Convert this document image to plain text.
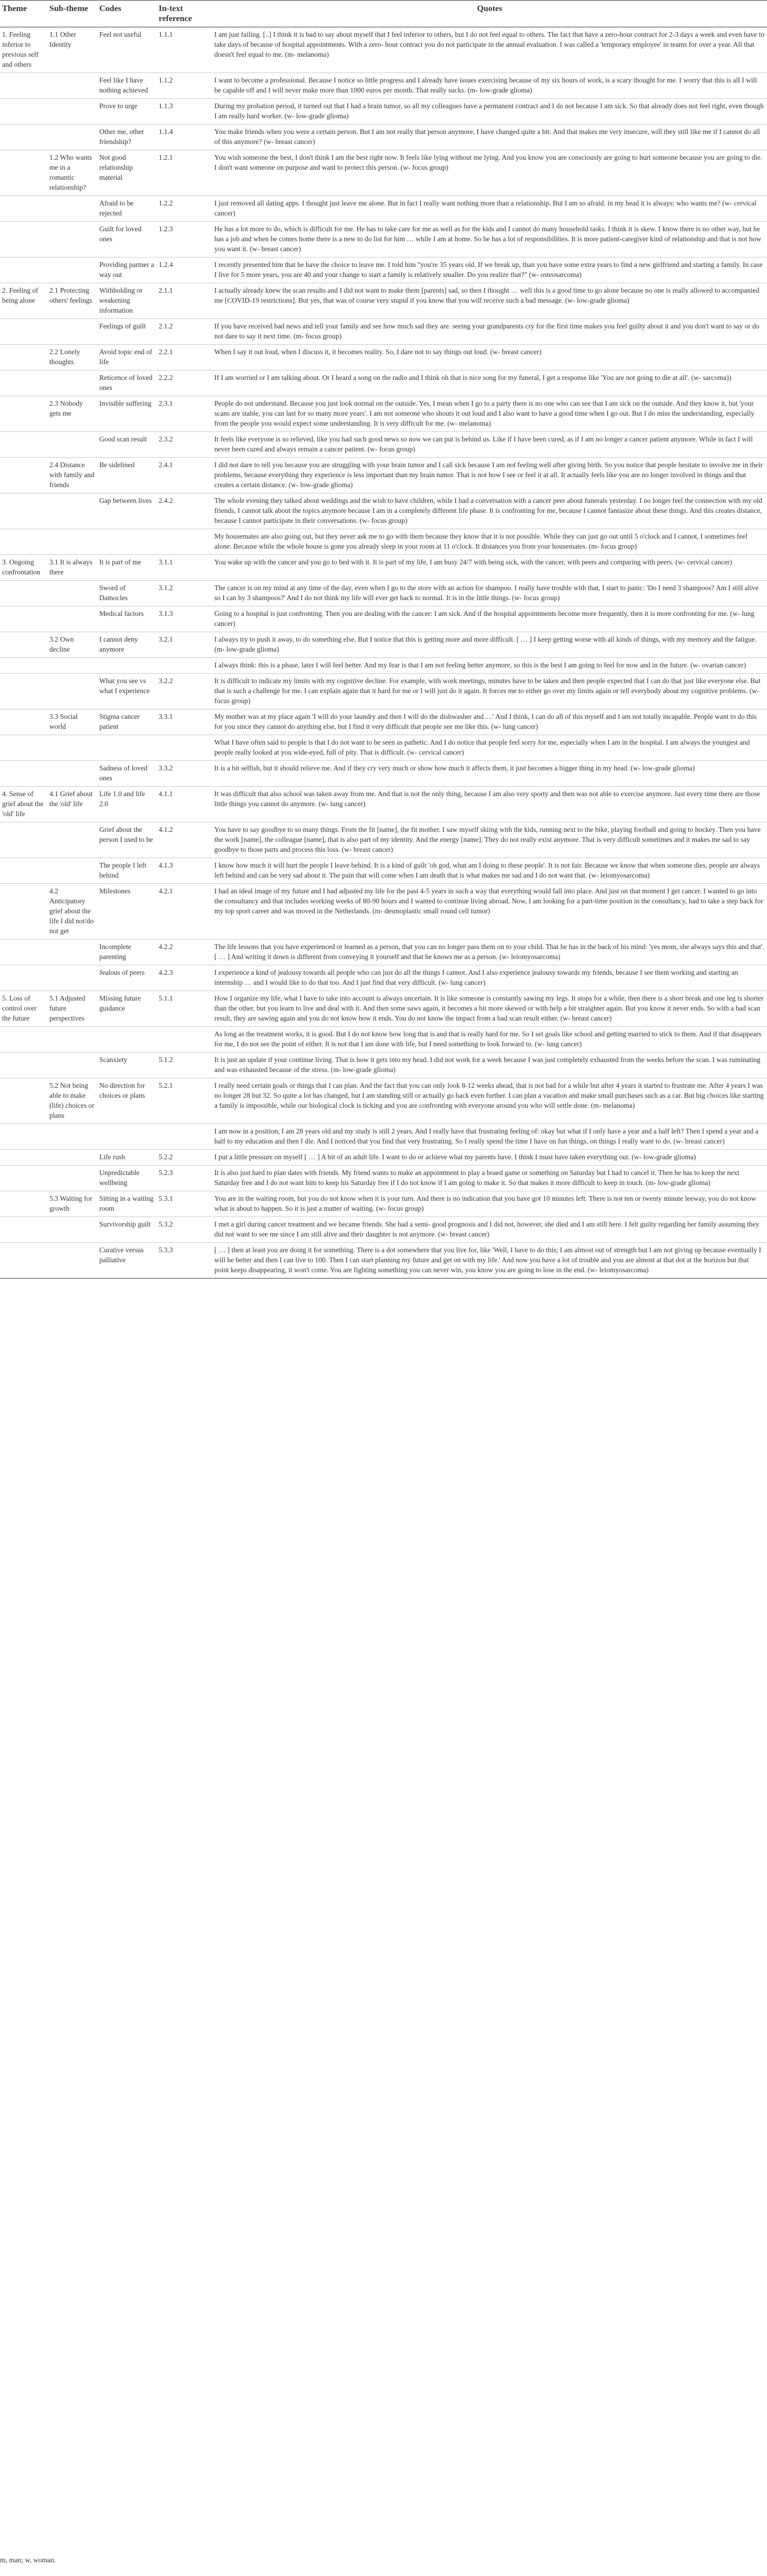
Theme	Sub-theme	Codes	In-text reference	Quotes
1. Feeling inferior to previous self and others	1.1 Other Identity	Feel not useful	1.1.1	I am just failing. [..] I think it is bad to say about myself that I feel inferior to others, but I do not feel equal to others. The fact that have a zero-hour contract for 2-3 days a week and even have to take days of because of hospital appointments. With a zero- hour contract you do not participate in the annual evaluation. I was called a 'temporary employee' in teams for over a year. All that doesn't feel equal to me. (m- melanoma)
		Feel like I have nothing achieved	1.1.2	I want to become a professional. Because I notice so little progress and I already have issues exercising because of my six hours of work, is a scary thought for me. I worry that this is all I will be capable off and I will never make more than 1000 euros per month. That really sucks. (m- low-grade glioma)
		Prove to urge	1.1.3	During my probation period, it turned out that I had a brain tumor, so all my colleagues have a permanent contract and I do not because I am sick. So that already does not feel right, even though I am really hard worker. (w- low-grade glioma)
		Other me, other friendship?	1.1.4	You make friends when you were a certain person. But I am not really that person anymore, I have changed quite a bit. And that makes me very insecure, will they still like me if I cannot do all of this anymore? (w- breast cancer)
	1.2 Who wants me in a romantic relationship?	Not good relationship material	1.2.1	You wish someone the best, I don't think I am the best right now. It feels like lying without me lying. And you know you are consciously are going to hurt someone because you are going to die. I don't want someone on purpose and want to protect this person. (w- focus group)
		Afraid to be rejected	1.2.2	I just removed all dating apps. I thought just leave me alone. But in fact I really want nothing more than a relationship. But I am so afraid. in my head it is always: who wants me? (w- cervical cancer)
		Guilt for loved ones	1.2.3	He has a lot more to do, which is difficult for me. He has to take care for me as well as for the kids and I cannot do many household tasks. I think it is skew. I know there is no other way, but he has a job and when he comes home there is a new to do list for him … while I am at home. So he has a lot of responsibilities. It is more patient-caregiver kind of relationship and that is not how you want it. (w- breast cancer)
		Providing partner a way out	1.2.4	I recently presented him that he have the choice to leave me. I told him "you're 35 years old. If we break up, than you have some extra years to find a new girlfriend and starting a family. In case I live for 5 more years, you are 40 and your change to start a family is relatively smaller. Do you realize that?" (w- osteosarcoma)
2. Feeling of being alone	2.1 Protecting others' feelings	Withholding or weakening information	2.1.1	I actually already knew the scan results and I did not want to make them [parents] sad, so then I thought … well this is a good time to go alone because no one is really allowed to accompanied me [COVID-19 restrictions]. But yes, that was of course very stupid if you know that you will receive such a bad message. (w- low-grade glioma)
		Feelings of guilt	2.1.2	If you have received bad news and tell your family and see how much sad they are. seeing your grandparents cry for the first time makes you feel guilty about it and you don't want to say or do not dare to say it next time. (m- focus group)
	2.2 Lonely thoughts	Avoid topic end of life	2.2.1	When I say it out loud, when I discuss it, it becomes reality. So, I dare not to say things out loud. (w- breast cancer)
		Reticence of loved ones	2.2.2	If I am worried or I am talking about. Or I heard a song on the radio and I think oh that is nice song for my funeral, I get a response like 'You are not going to die at all'. (w- sarcoma))
	2.3 Nobody gets me	Invisible suffering	2.3.1	People do not understand. Because you just look normal on the outside. Yes, I mean when I go to a party there is no one who can see that I am sick on the outside. And they know it, but 'your scans are stable, you can last for so many more years'. I am not someone who shouts it out loud and I also want to have a good time when I go out. But I do miss the understanding, especially from the people you would expect some understanding. It is very difficult for me. (w- melanoma)
		Good scan result	2.3.2	It feels like everyone is so relieved, like you had such good news so now we can put is behind us. Like if I have been cured, as if I am no longer a cancer patient anymore. While in fact I will never been cured and always remain a cancer patient. (w- focus group)
	2.4 Distance with family and friends	Be sidelined	2.4.1	I did not dare to tell you because you are struggling with your brain tumor and I call sick because I am not feeling well after giving birth. So you notice that people hesitate to involve me in their problems, because everything they experience is less important than my brain tumor. That is not how I see or feel it at all. It actually feels like you are no longer involved in things and that creates a certain distance. (w- low-grade glioma)
		Gap between lives	2.4.2	The whole evening they talked about weddings and the wish to have children, while I had a conversation with a cancer peer about funerals yesterday. I no longer feel the connection with my old friends, I cannot talk about the topics anymore because I am in a completely different life phase. It is confronting for me, because I cannot fantasize about these things. And this creates distance, because I cannot participate in their conversations. (w- focus group)
				My housemates are also going out, but they never ask me to go with them because they know that it is not possible. While they can just go out until 5 o'clock and I cannot, I sometimes feel alone. Because while the whole house is gone you already sleep in your room at 11 o'clock. It distances you from your housemates. (m- focus group)
3. Ongoing confrontation	3.1 It is always there	It is part of me	3.1.1	You wake up with the cancer and you go to bed with it. It is part of my life, I am busy 24/7 with being sick, with the cancer, with peers and comparing with peers. (w- cervical cancer)
		Sword of Damocles	3.1.2	The cancer is on my mind at any time of the day, even when I go to the store with an action for shampoo. I really have trouble with that, I start to panic: 'Do I need 3 shampoos? Am I still alive so I can by 3 shampoos?' And I do not think my life will ever get back to normal. It is in the little things. (w- focus group)
		Medical factors	3.1.3	Going to a hospital is just confronting. Then you are dealing with the cancer: I am sick. And if the hospital appointments become more frequently, then it is more confronting for me. (w- lung cancer)
	3.2 Own decline	I cannot deny anymore	3.2.1	I always try to push it away, to do something else. But I notice that this is getting more and more difficult. [ … ] I keep getting worse with all kinds of things, with my memory and the fatigue. (m- low-grade glioma)
				I always think: this is a phase, later I will feel better. And my fear is that I am not feeling better anymore, so this is the best I am going to feel for now and in the future. (w- ovarian cancer)
		What you see vs what I experience	3.2.2	It is difficult to indicate my limits with my cognitive decline. For example, with work meetings, minutes have to be taken and then people expected that I can do that just like everyone else. But that is such a challenge for me. I can explain again that it hard for me or I will just do it again. It forces me to either go over my limits again or tell everybody about my cognitive problems. (w- focus group)
	3.3 Social world	Stigma cancer patient	3.3.1	My mother was at my place again 'I will do your laundry and then I will do the dishwasher and….' And I think, I can do all of this myself and I am not totally incapable. People want to do this for you since they cannot do anything else, but I find it very difficult that people see me like this. (w- lung cancer)
				What I have often said to people is that I do not want to be seen as pathetic. And I do notice that people feel sorry for me, especially when I am in the hospital. I am always the youngest and people really looked at you wide-eyed, full of pity. That is difficult. (w- cervical cancer)
		Sadness of loved ones	3.3.2	It is a bit selfish, but it should relieve me. And if they cry very much or show how much it affects them, it just becomes a bigger thing in my head. (w- low-grade glioma)
4. Sense of grief about the 'old' life	4.1 Grief about the 'old' life	Life 1.0 and life 2.0	4.1.1	It was difficult that also school was taken away from me. And that is not the only thing, because I am also very sporty and then was not able to exercise anymore. Just every time there are those little things you cannot do anymore. (w- lung cancer)
		Grief about the person I used to be	4.1.2	You have to say goodbye to so many things. From the fit [name], the fit mother. I saw myself skiing with the kids, running next to the bike, playing football and going to hockey. Then you have the work [name], the colleague [name], that is also part of my identity. And the energy [name]. They do not really exist anymore. That is very difficult sometimes and it makes me sad to say goodbye to those parts and process this loss. (w- breast cancer)
		The people I left behind	4.1.3	I know how much it will hurt the people I leave behind. It is a kind of guilt 'oh god, what am I doing to these people'. It is not fair. Because we know that when someone dies, people are always left behind and can be very sad about it. The pain that will come when I am death that is what makes me sad and I do not want that. (w- leiomyosarcoma)
	4.2 Anticipatory grief about the life I did not/do not get	Milestones	4.2.1	I had an ideal image of my future and I had adjusted my life for the past 4-5 years in such a way that everything would fall into place. And just on that moment I get cancer. I wanted to go into the consultancy and that includes working weeks of 80-90 hours and I wanted to continue living abroad. Now, I am looking for a part-time position in the consultancy, had to take a step back for my top sport career and was moved in the Netherlands. (m- desmoplastic small round cell tumor)
		Incomplete parenting	4.2.2	The life lessons that you have experienced or learned as a person, that you can no longer pass them on to your child. That he has in the back of his mind: 'yes mom, she always says this and that'. [ … ] And writing it down is different from conveying it yourself and that he knows me as a person. (w- leiomyosarcoma)
		Jealous of peers	4.2.3	I experience a kind of jealousy towards all people who can just do all the things I cannot. And I also experience jealousy towards my friends, because I see them working and starting an internship … and I would like to do that too. And I just find that very difficult. (w- lung cancer)
5. Loss of control over the future	5.1 Adjusted future perspectives	Missing future guidance	5.1.1	How I organize my life, what I have to take into account is always uncertain. It is like someone is constantly sawing my legs. It stops for a while, then there is a short break and one leg is shorter than the other, but you learn to live and deal with it. And then some saws again, it becomes a bit more skewed or with help a bit straighter again. But you know it never ends. So with a bad scan result, they are sawing again and you do not know how it ends. You do not know the impact from a bad scan result either. (w- breast cancer)
				As long as the treatment works, it is good. But I do not know how long that is and that is really hard for me. So I set goals like school and getting married to stick to them. And if that disappears for me, I do not see the point of either. It is not that I am done with life, but I need something to look forward to. (w- lung cancer)
		Scanxiety	5.1.2	It is just an update if your continue living. That is how it gets into my head. I did not work for a week because I was just completely exhausted from the weeks before the scan. I was ruminating and was exhausted because of the stress. (m- low-grade glioma)
	5.2 Not being able to make (life) choices or plans	No direction for choices or plans	5.2.1	I really need certain goals or things that I can plan. And the fact that you can only look 8-12 weeks ahead, that is not bad for a while but after 4 years it started to frustrate me. After 4 years I was no longer 28 but 32. So quite a lot has changed, but I am standing still or actually go back even further. I can plan a vacation and make small purchases such as a car. But big choices like starting a family is impossible, while our biological clock is ticking and you are confronting with everyone around you who will settle done. (m- melanoma)
				I am now in a position, I am 28 years old and my study is still 2 years. And I really have that frustrating feeling of: okay but what if I only have a year and a half left? Then I spend a year and a half to my education and then I die. And I noticed that you find that very frustrating. So I really spend the time I have on fun things, on things I really want to do. (w- breast cancer)
		Life rush	5.2.2	I put a little pressure on myself [ … ] A bit of an adult life. I want to do or achieve what my parents have. I think I must have taken everything out. (w- low-grade glioma)
		Unpredictable wellbeing	5.2.3	It is also just hard to plan dates with friends. My friend wants to make an appointment to play a board game or something on Saturday but I had to cancel it. Then he has to keep the next Saturday free and I do not want him to keep his Saturday free if I do not know if I am going to make it. So that makes it more difficult to keep in touch. (m- low-grade glioma)
	5.3 Waiting for growth	Sitting in a waiting room	5.3.1	You are in the waiting room, but you do not know when it is your turn. And there is no indication that you have got 10 minutes left. There is not ten or twenty minute leeway, you do not know what is about to happen. So it is just a matter of waiting. (w- focus group)
		Survivorship guilt	5.3.2	I met a girl during cancer treatment and we became friends. She had a semi- good prognosis and I did not, however, she died and I am still here. I felt guilty regarding her family assuming they did not want to see me since I am still alive and their daughter is not anymore. (w- breast cancer)
		Curative versus palliative	5.3.3	[ … ] then at least you are doing it for something. There is a dot somewhere that you live for, like 'Well, I have to do this; I am almost out of strength but I am not giving up because eventually I will be better and then I can live to 100. Then I can start planning my future and get on with my life.' And now you have a lot of trouble and you are almost at that dot at the horizon but that point keeps disappearing, it won't come. You are fighting something you can never win, you know you are going to lose in the end. (w- leiomyosarcoma)
m, man; w, woman.
